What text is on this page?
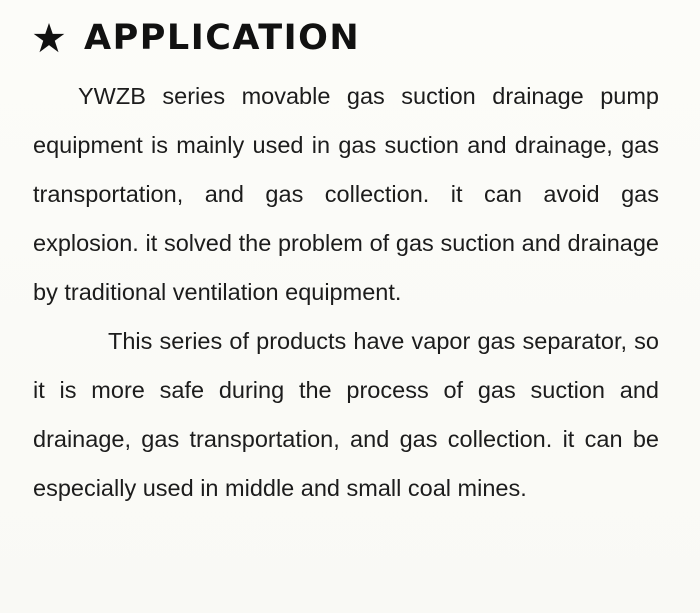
APPLICATION

YWZB series movable gas suction drainage pump equipment is mainly used in gas suction and drainage, gas transportation, and gas collection. it can avoid gas explosion. it solved the problem of gas suction and drainage by traditional ventilation equipment.

This series of products have vapor gas separator, so it is more safe during the process of gas suction and drainage, gas transportation, and gas collection. it can be especially used in middle and small coal mines.
